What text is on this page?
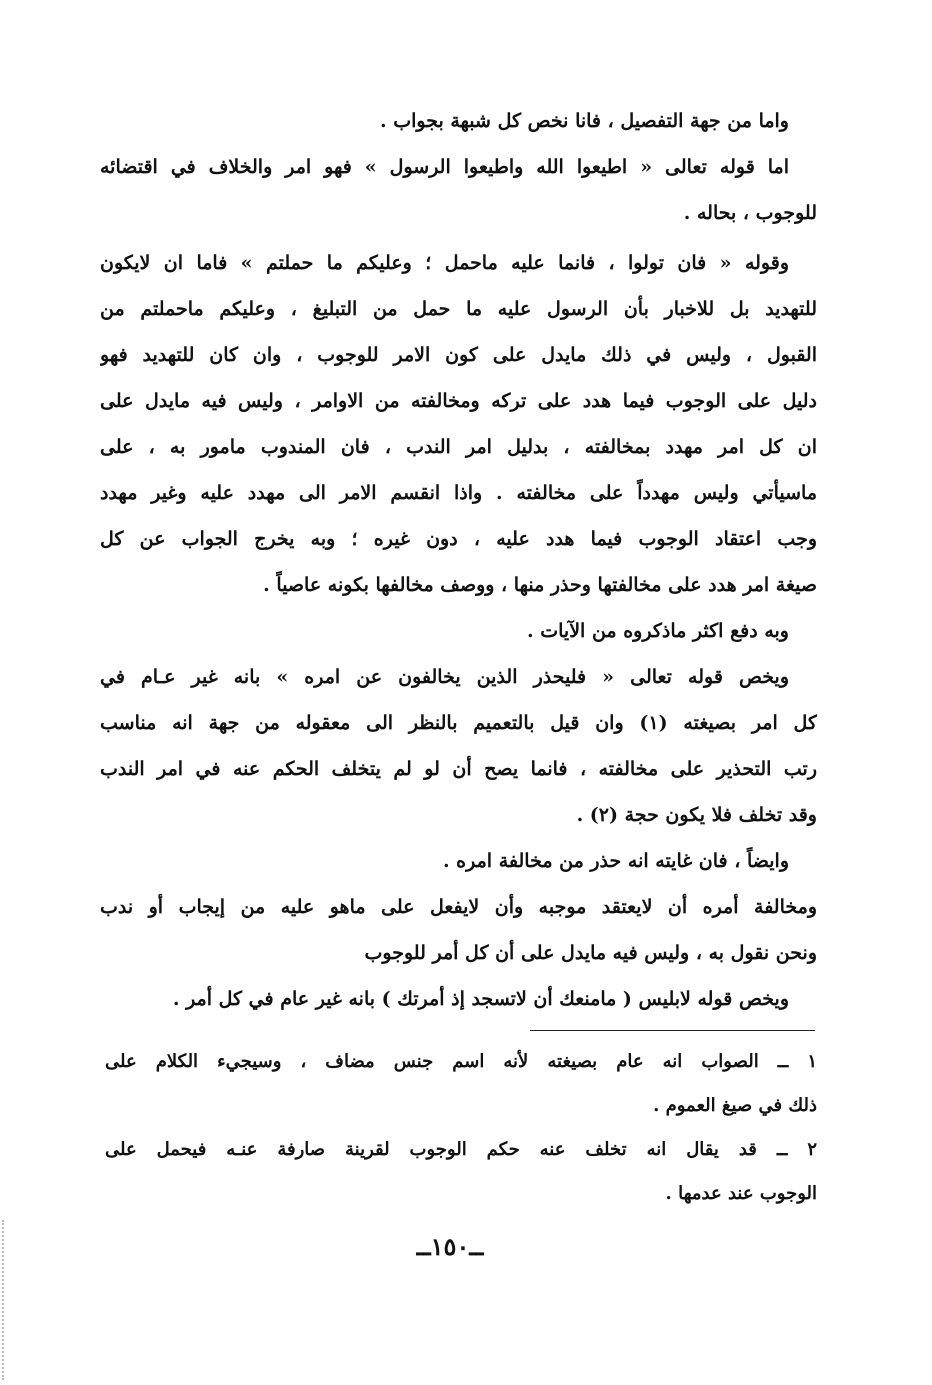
واما من جهة التفصيل ، فانا نخص كل شبهة بجواب .
اما قوله تعالى « اطيعوا الله واطيعوا الرسول » فهو امر والخلاف في اقتضائه
للوجوب ، بحاله .
وقوله « فان تولوا ، فانما عليه ماحمل ؛ وعليكم ما حملتم » فاما ان لايكون
للتهديد بل للاخبار بأن الرسول عليه ما حمل من التبليغ ، وعليكم ماحملتم من
القبول ، وليس في ذلك مايدل على كون الامر للوجوب ، وان كان للتهديد فهو
دليل على الوجوب فيما هدد على تركه ومخالفته من الاوامر ، وليس فيه مايدل على
ان كل امر مهدد بمخالفته ، بدليل امر الندب ، فان المندوب مامور به ، على
ماسيأتي وليس مهدداً على مخالفته . واذا انقسم الامر الى مهدد عليه وغير مهدد
وجب اعتقاد الوجوب فيما هدد عليه ، دون غيره ؛ وبه يخرج الجواب عن كل
صيغة امر هدد على مخالفتها وحذر منها ، ووصف مخالفها بكونه عاصياً .
وبه دفع اكثر ماذكروه من الآيات .
ويخص قوله تعالى « فليحذر الذين يخالفون عن امره » بانه غير عـام في
كل امر بصيغته (١) وان قيل بالتعميم بالنظر الى معقوله من جهة انه مناسب
رتب التحذير على مخالفته ، فانما يصح أن لو لم يتخلف الحكم عنه في امر الندب
وقد تخلف فلا يكون حجة (٢) .
وايضاً ، فان غايته انه حذر من مخالفة امره .
ومخالفة أمره أن لايعتقد موجبه وأن لايفعل على ماهو عليه من إيجاب أو ندب
ونحن نقول به ، وليس فيه مايدل على أن كل أمر للوجوب
ويخص قوله لابليس ( مامنعك أن لاتسجد إذ أمرتك ) بانه غير عام في كل أمر .
١ ــ الصواب انه عام بصيغته لأنه اسم جنس مضاف ، وسيجيء الكلام على
ذلك في صيغ العموم .
٢ ــ قد يقال انه تخلف عنه حكم الوجوب لقرينة صارفة عنـه فيحمل على
الوجوب عند عدمها .
ــ١٥٠ــ
